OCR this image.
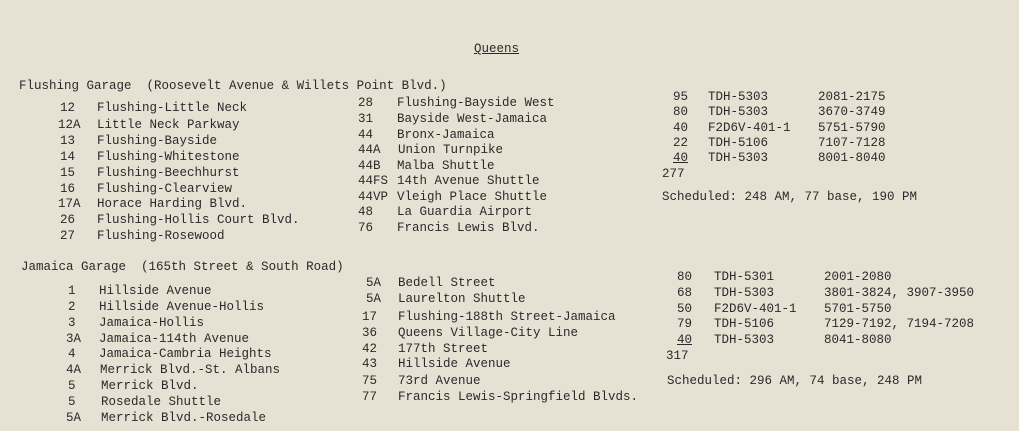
Queens
Flushing Garage (Roosevelt Avenue & Willets Point Blvd.)
12 Flushing-Little Neck
12A Little Neck Parkway
13 Flushing-Bayside
14 Flushing-Whitestone
15 Flushing-Beechhurst
16 Flushing-Clearview
17A Horace Harding Blvd.
26 Flushing-Hollis Court Blvd.
27 Flushing-Rosewood
28 Flushing-Bayside West
31 Bayside West-Jamaica
44 Bronx-Jamaica
44A Union Turnpike
44B Malba Shuttle
44FS 14th Avenue Shuttle
44VP Vleigh Place Shuttle
48 La Guardia Airport
76 Francis Lewis Blvd.
95 TDH-5303	2081-2175
80 TDH-5303	3670-3749
40 F2D6V-401-1 5751-5790
22 TDH-5106	7107-7128
40 TDH-5303	8001-8040
277
Scheduled: 248 AM, 77 base, 190 PM
Jamaica Garage (165th Street & South Road)
1 Hillside Avenue
2 Hillside Avenue-Hollis
3 Jamaica-Hollis
3A Jamaica-114th Avenue
4 Jamaica-Cambria Heights
4A Merrick Blvd.-St. Albans
5 Merrick Blvd.
5 Rosedale Shuttle
5A Merrick Blvd.-Rosedale
5A Bedell Street
5A Laurelton Shuttle
17 Flushing-188th Street-Jamaica
36 Queens Village-City Line
42 177th Street
43 Hillside Avenue
75 73rd Avenue
77 Francis Lewis-Springfield Blvds.
80 TDH-5301	2001-2080
68 TDH-5303	3801-3824, 3907-3950
50 F2D6V-401-1 5701-5750
79 TDH-5106	7129-7192, 7194-7208
40 TDH-5303	8041-8080
317
Scheduled: 296 AM, 74 base, 248 PM
